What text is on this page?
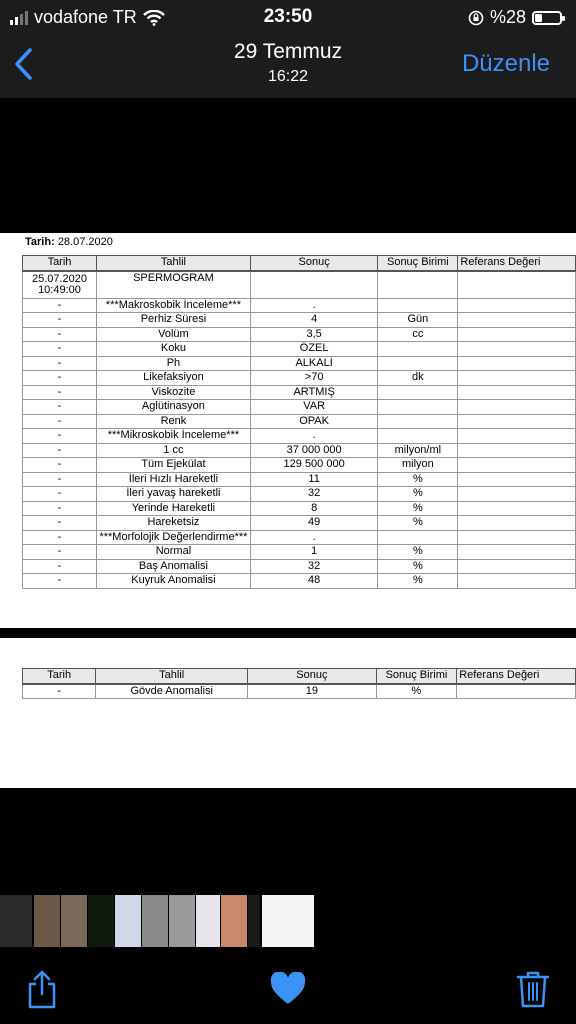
vodafone TR	23:50	%28
29 Temmuz
16:22	Düzenle
Tarih: 28.07.2020
Tarih	Tahlil	Sonuç	Sonuç Birimi	Referans Değeri
25.07.2020 10:49:00	SPERMOGRAM			
-	***Makroskobik İnceleme***	.		
-	Perhiz Süresi	4	Gün	
-	Volüm	3,5	cc	
-	Koku	ÖZEL		
-	Ph	ALKALİ		
-	Likefaksiyon	>70	dk	
-	Viskozite	ARTMIŞ		
-	Aglütinasyon	VAR		
-	Renk	OPAK		
-	***Mikroskobik İnceleme***	.		
-	1 cc	37 000 000	milyon/ml	
-	Tüm Ejekülat	129 500 000	milyon	
-	İleri Hızlı Hareketli	11	%	
-	İleri yavaş hareketli	32	%	
-	Yerinde Hareketli	8	%	
-	Hareketsiz	49	%	
-	***Morfolojik Değerlendirme***	.		
-	Normal	1	%	
-	Baş Anomalisi	32	%	
-	Kuyruk Anomalisi	48	%	
Tarih	Tahlil	Sonuç	Sonuç Birimi	Referans Değeri
-	Gövde Anomalisi	19	%	
